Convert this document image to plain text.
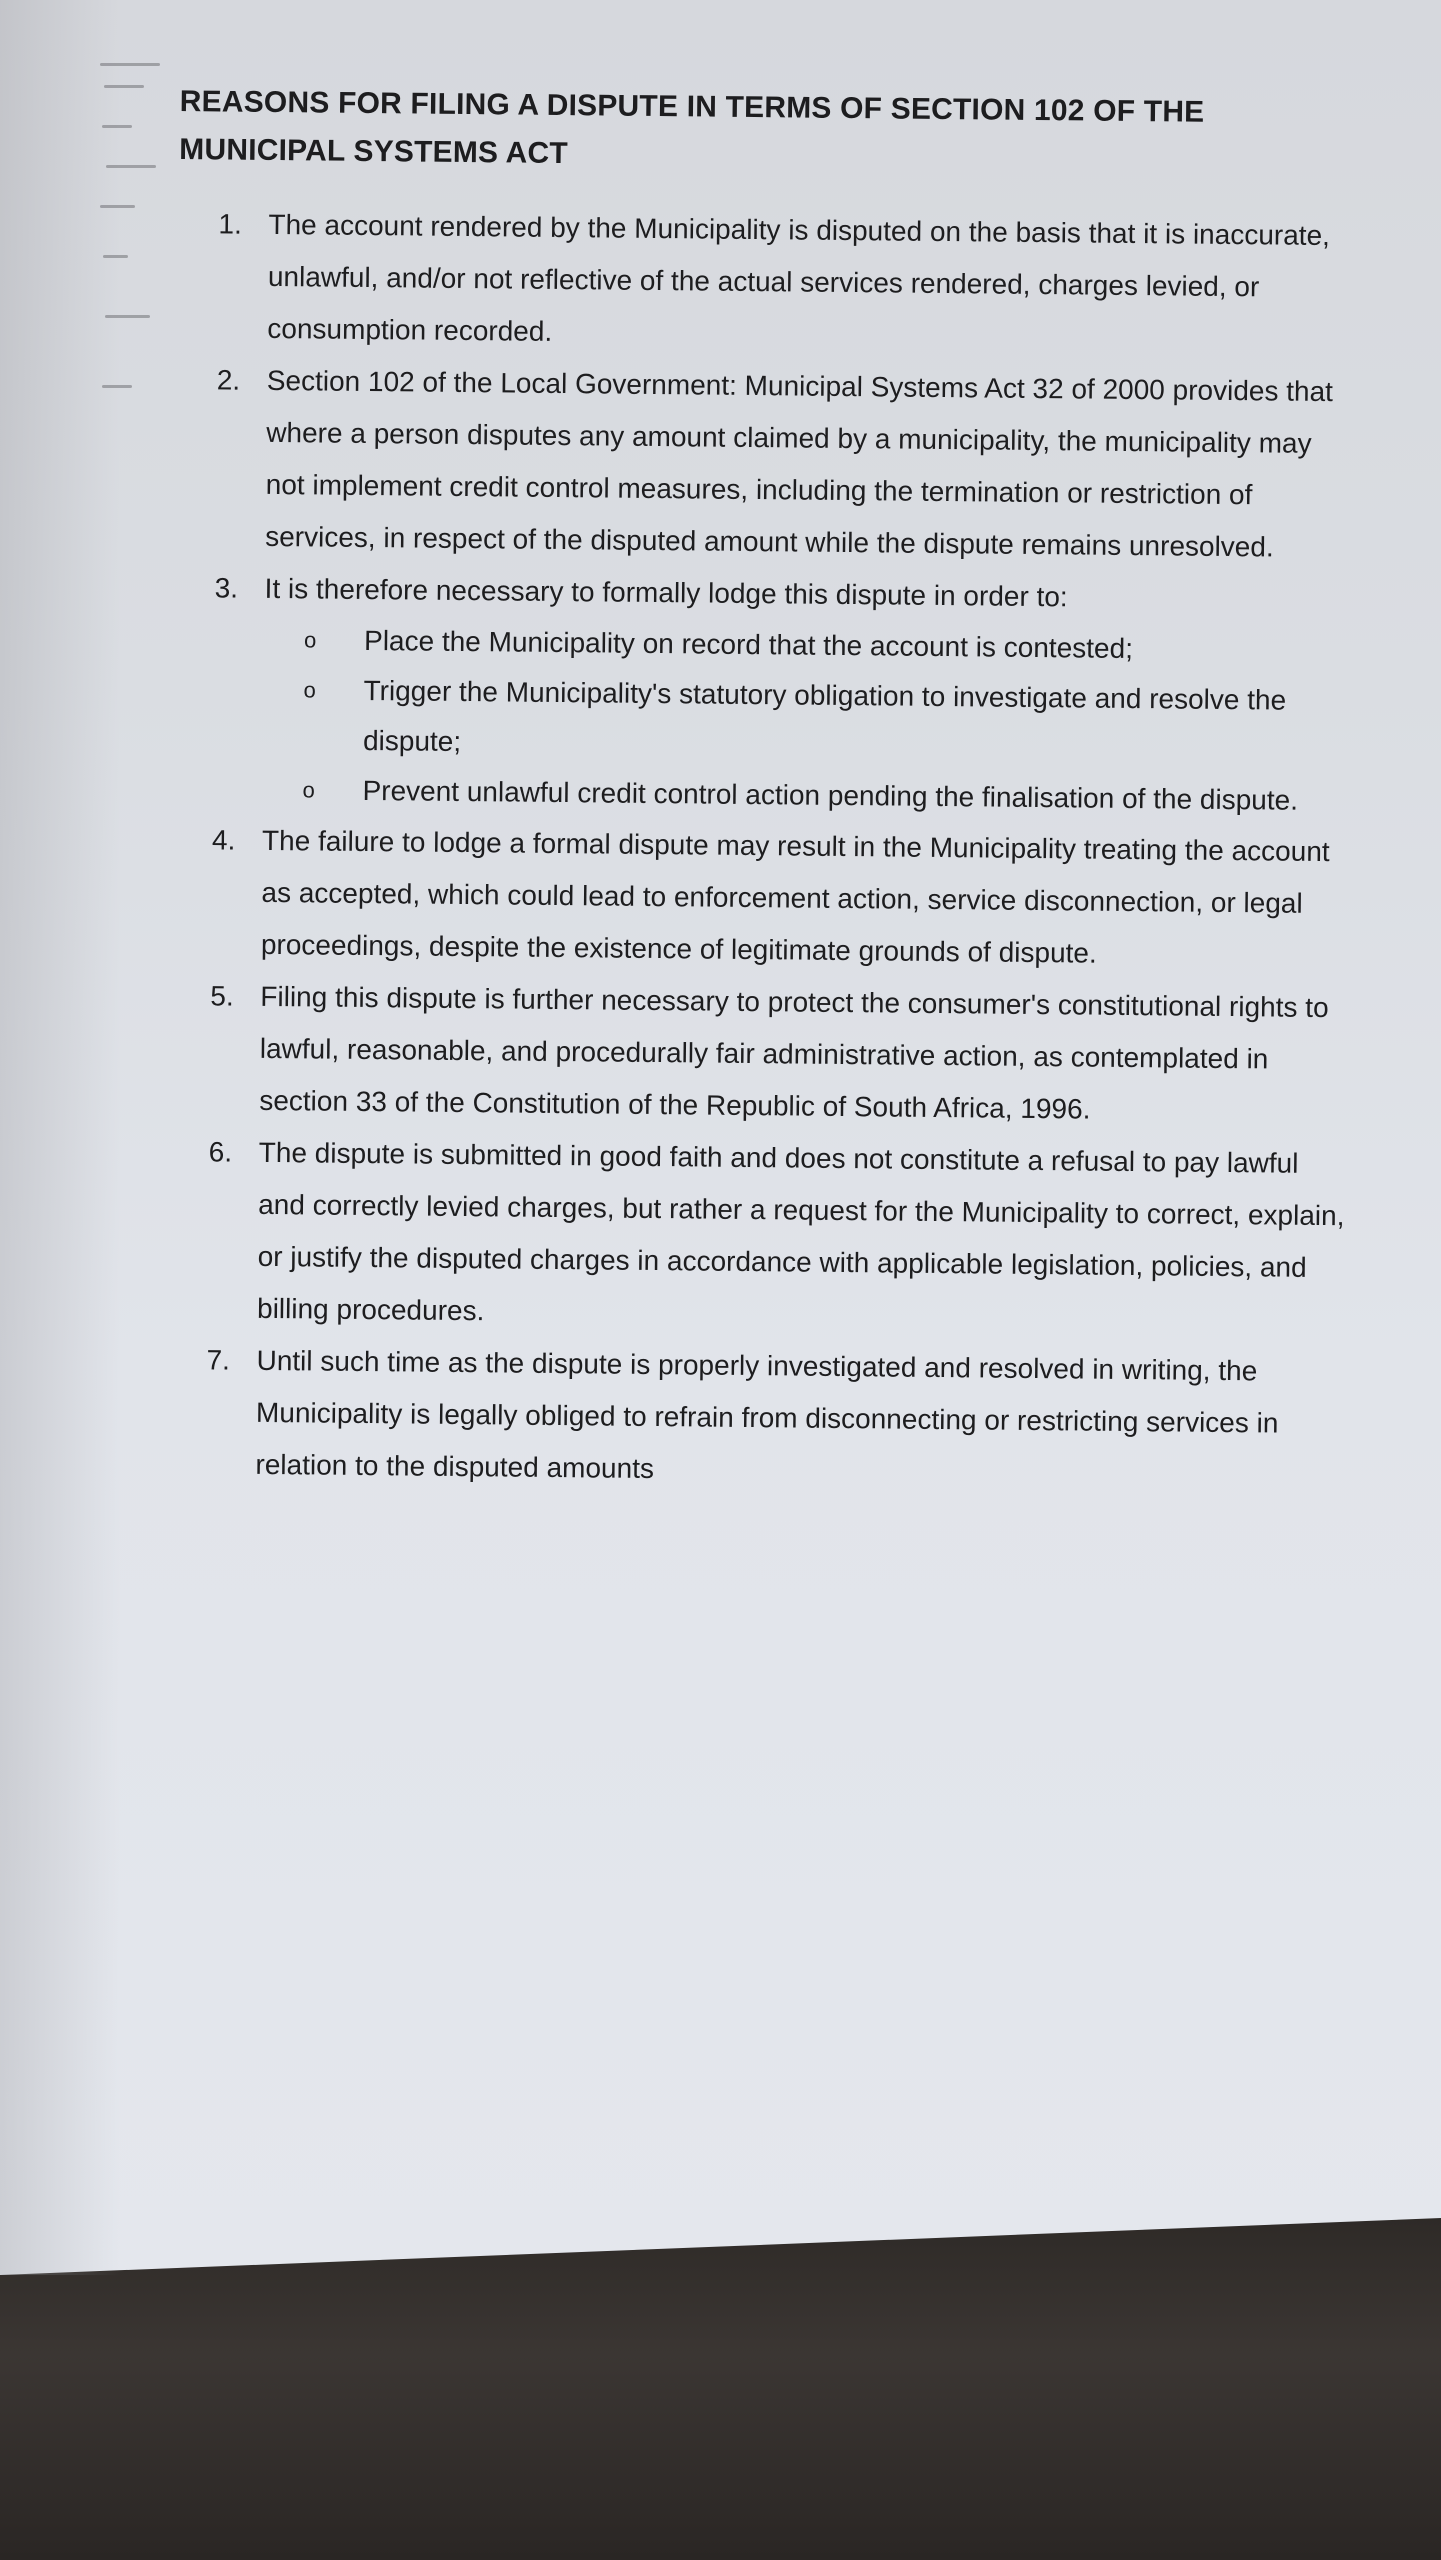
REASONS FOR FILING A DISPUTE IN TERMS OF SECTION 102 OF THE MUNICIPAL SYSTEMS ACT
1. The account rendered by the Municipality is disputed on the basis that it is inaccurate, unlawful, and/or not reflective of the actual services rendered, charges levied, or consumption recorded.
2. Section 102 of the Local Government: Municipal Systems Act 32 of 2000 provides that where a person disputes any amount claimed by a municipality, the municipality may not implement credit control measures, including the termination or restriction of services, in respect of the disputed amount while the dispute remains unresolved.
3. It is therefore necessary to formally lodge this dispute in order to:
o Place the Municipality on record that the account is contested;
o Trigger the Municipality's statutory obligation to investigate and resolve the dispute;
o Prevent unlawful credit control action pending the finalisation of the dispute.
4. The failure to lodge a formal dispute may result in the Municipality treating the account as accepted, which could lead to enforcement action, service disconnection, or legal proceedings, despite the existence of legitimate grounds of dispute.
5. Filing this dispute is further necessary to protect the consumer's constitutional rights to lawful, reasonable, and procedurally fair administrative action, as contemplated in section 33 of the Constitution of the Republic of South Africa, 1996.
6. The dispute is submitted in good faith and does not constitute a refusal to pay lawful and correctly levied charges, but rather a request for the Municipality to correct, explain, or justify the disputed charges in accordance with applicable legislation, policies, and billing procedures.
7. Until such time as the dispute is properly investigated and resolved in writing, the Municipality is legally obliged to refrain from disconnecting or restricting services in relation to the disputed amounts
